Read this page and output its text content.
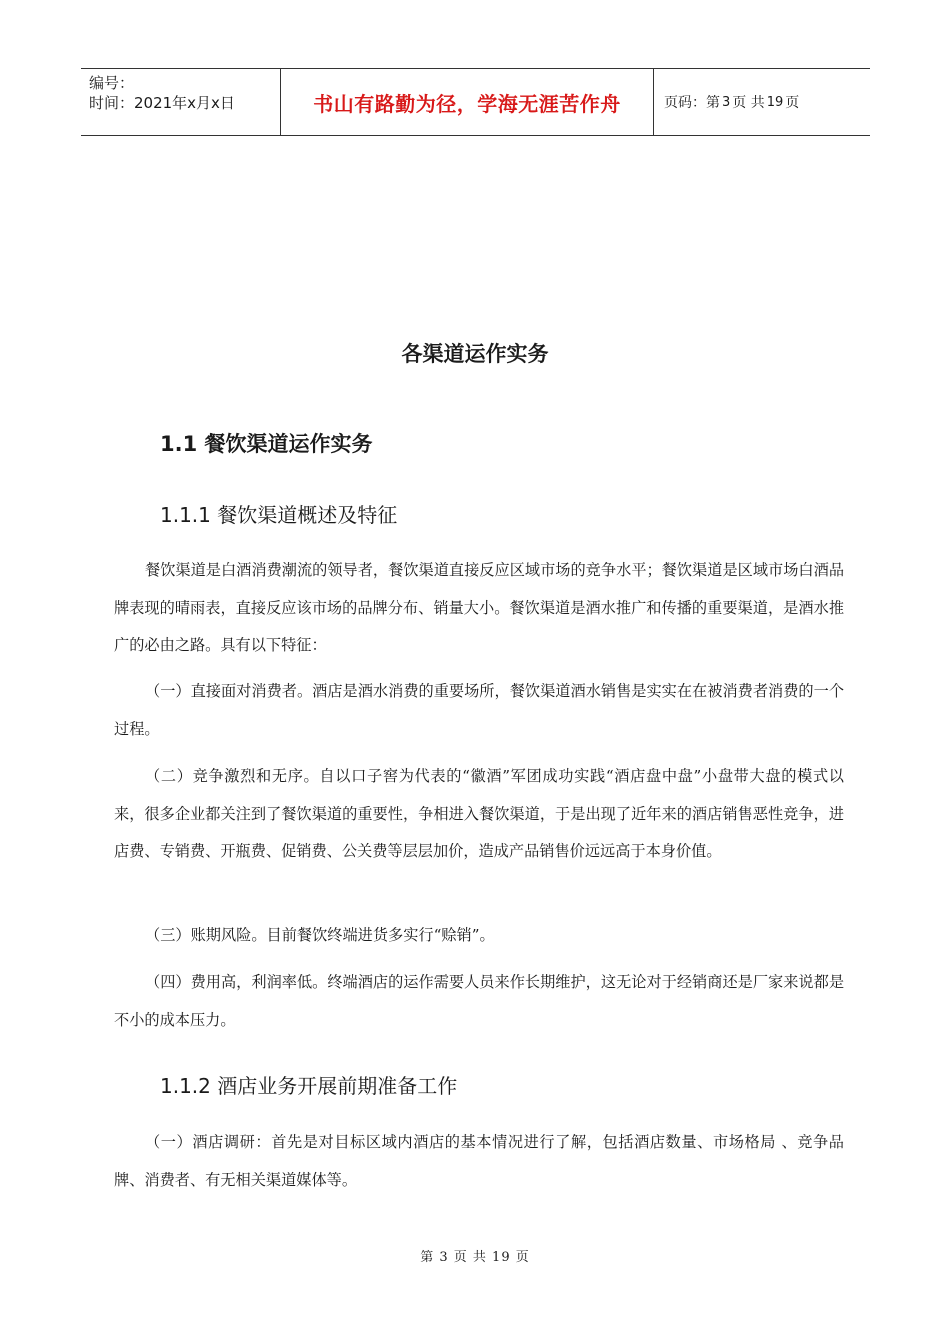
编号：
时间：2021年x月x日	书山有路勤为径，学海无涯苦作舟	页码：第 3 页 共 19 页
各渠道运作实务
1.1 餐饮渠道运作实务
1.1.1 餐饮渠道概述及特征

餐饮渠道是白酒消费潮流的领导者，餐饮渠道直接反应区域市场的竞争水平；餐饮渠道是区域市场白酒品牌表现的晴雨表，直接反应该市场的品牌分布、销量大小。餐饮渠道是酒水推广和传播的重要渠道，是酒水推广的必由之路。具有以下特征：

（一）直接面对消费者。酒店是酒水消费的重要场所，餐饮渠道酒水销售是实实在在被消费者消费的一个过程。

（二）竞争激烈和无序。自以口子窖为代表的“徽酒”军团成功实践“酒店盘中盘”小盘带大盘的模式以来，很多企业都关注到了餐饮渠道的重要性，争相进入餐饮渠道，于是出现了近年来的酒店销售恶性竞争，进店费、专销费、开瓶费、促销费、公关费等层层加价，造成产品销售价远远高于本身价值。

（三）账期风险。目前餐饮终端进货多实行“赊销”。

（四）费用高，利润率低。终端酒店的运作需要人员来作长期维护，这无论对于经销商还是厂家来说都是不小的成本压力。

1.1.2 酒店业务开展前期准备工作

（一）酒店调研：首先是对目标区域内酒店的基本情况进行了解，包括酒店数量、市场格局 、竞争品牌、消费者、有无相关渠道媒体等。

第 3 页 共 19 页
